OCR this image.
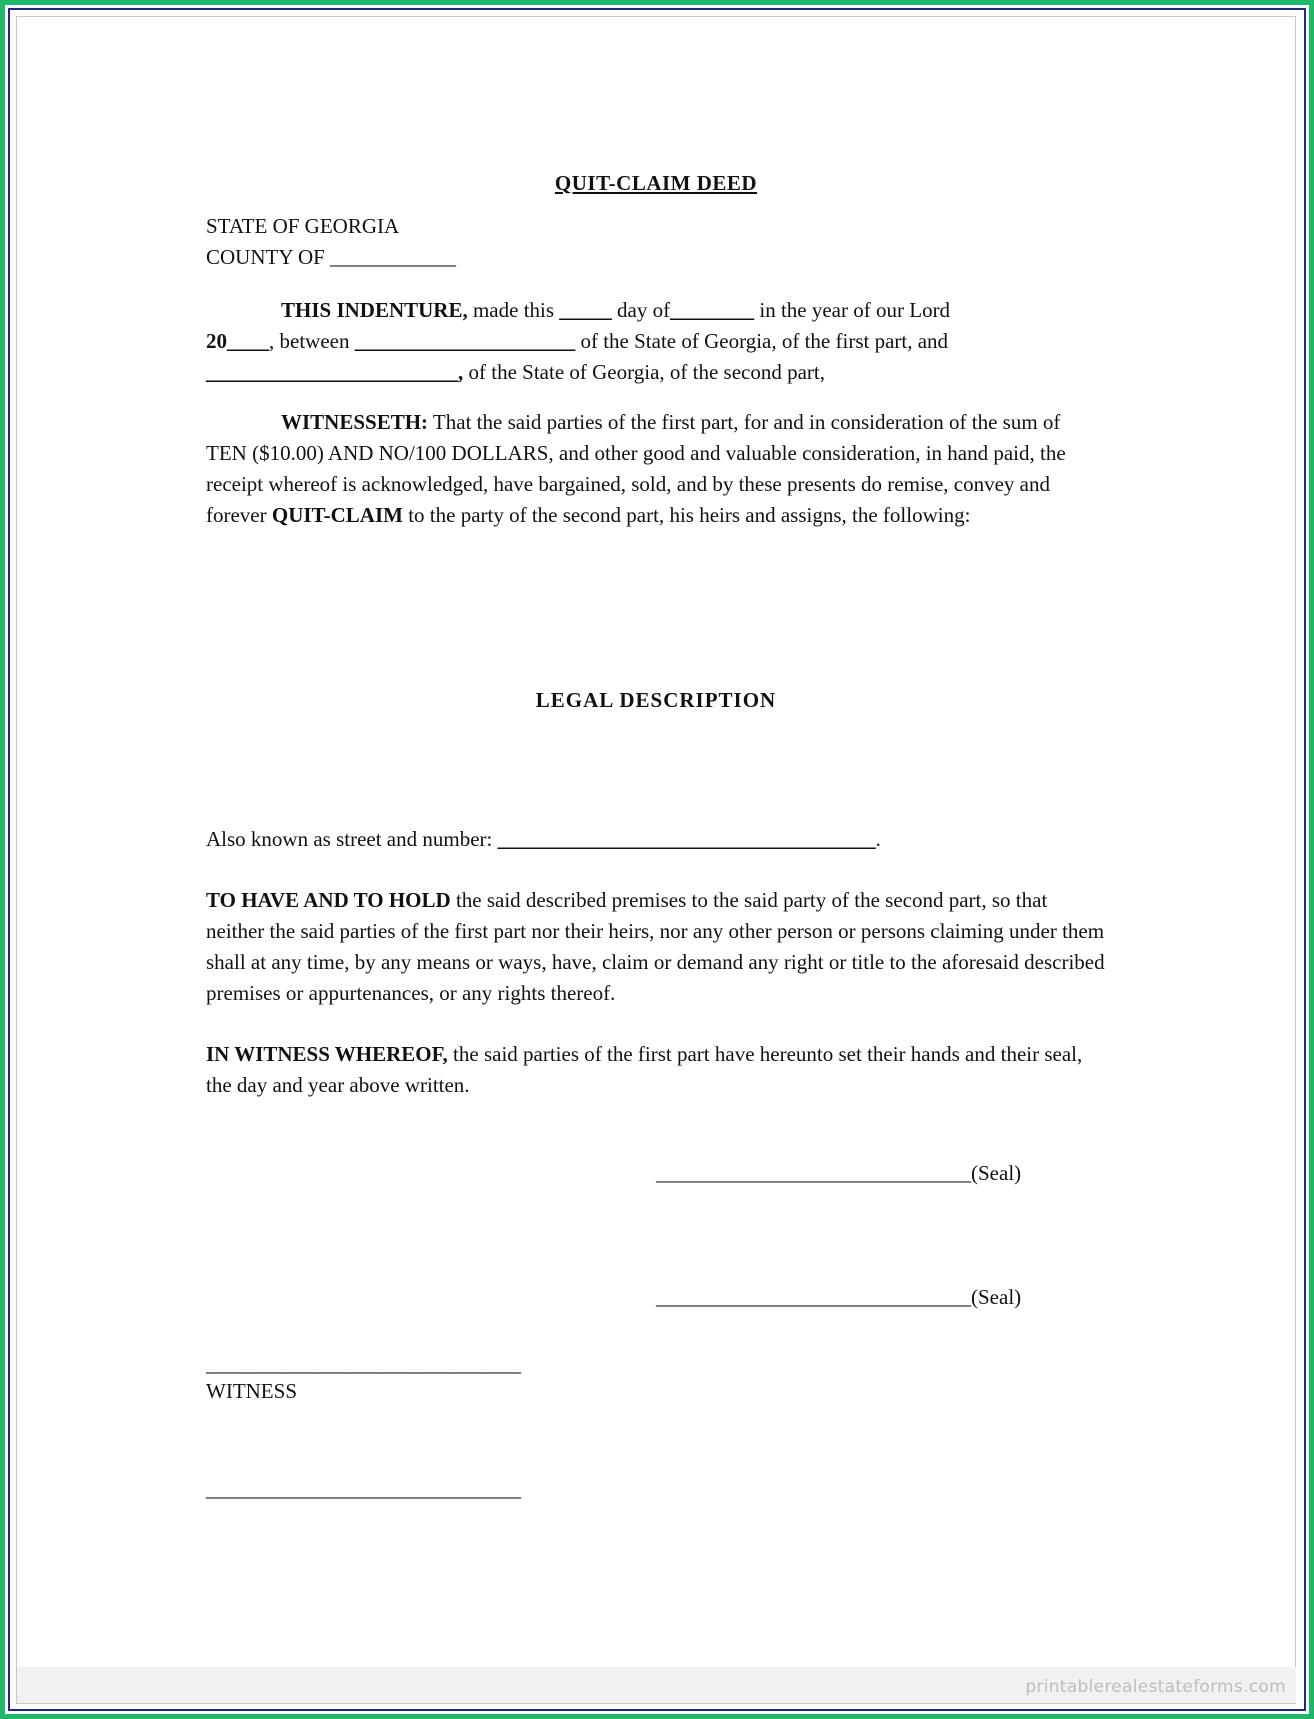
printablerealestateforms.com
QUIT-CLAIM DEED
STATE OF GEORGIA
COUNTY OF ____________
THIS INDENTURE, made this _____ day of________ in the year of our Lord
20____, between _____________________ of the State of Georgia, of the first part, and
________________________, of the State of Georgia, of the second part,
WITNESSETH: That the said parties of the first part, for and in consideration of the sum of TEN ($10.00) AND NO/100 DOLLARS, and other good and valuable consideration, in hand paid, the receipt whereof is acknowledged, have bargained, sold, and by these presents do remise, convey and forever QUIT-CLAIM to the party of the second part, his heirs and assigns, the following:
LEGAL DESCRIPTION
Also known as street and number: ____________________________________.
TO HAVE AND TO HOLD the said described premises to the said party of the second part, so that neither the said parties of the first part nor their heirs, nor any other person or persons claiming under them shall at any time, by any means or ways, have, claim or demand any right or title to the aforesaid described premises or appurtenances, or any rights thereof.
IN WITNESS WHEREOF, the said parties of the first part have hereunto set their hands and their seal, the day and year above written.
______________________________(Seal)
______________________________(Seal)
______________________________
WITNESS
______________________________
